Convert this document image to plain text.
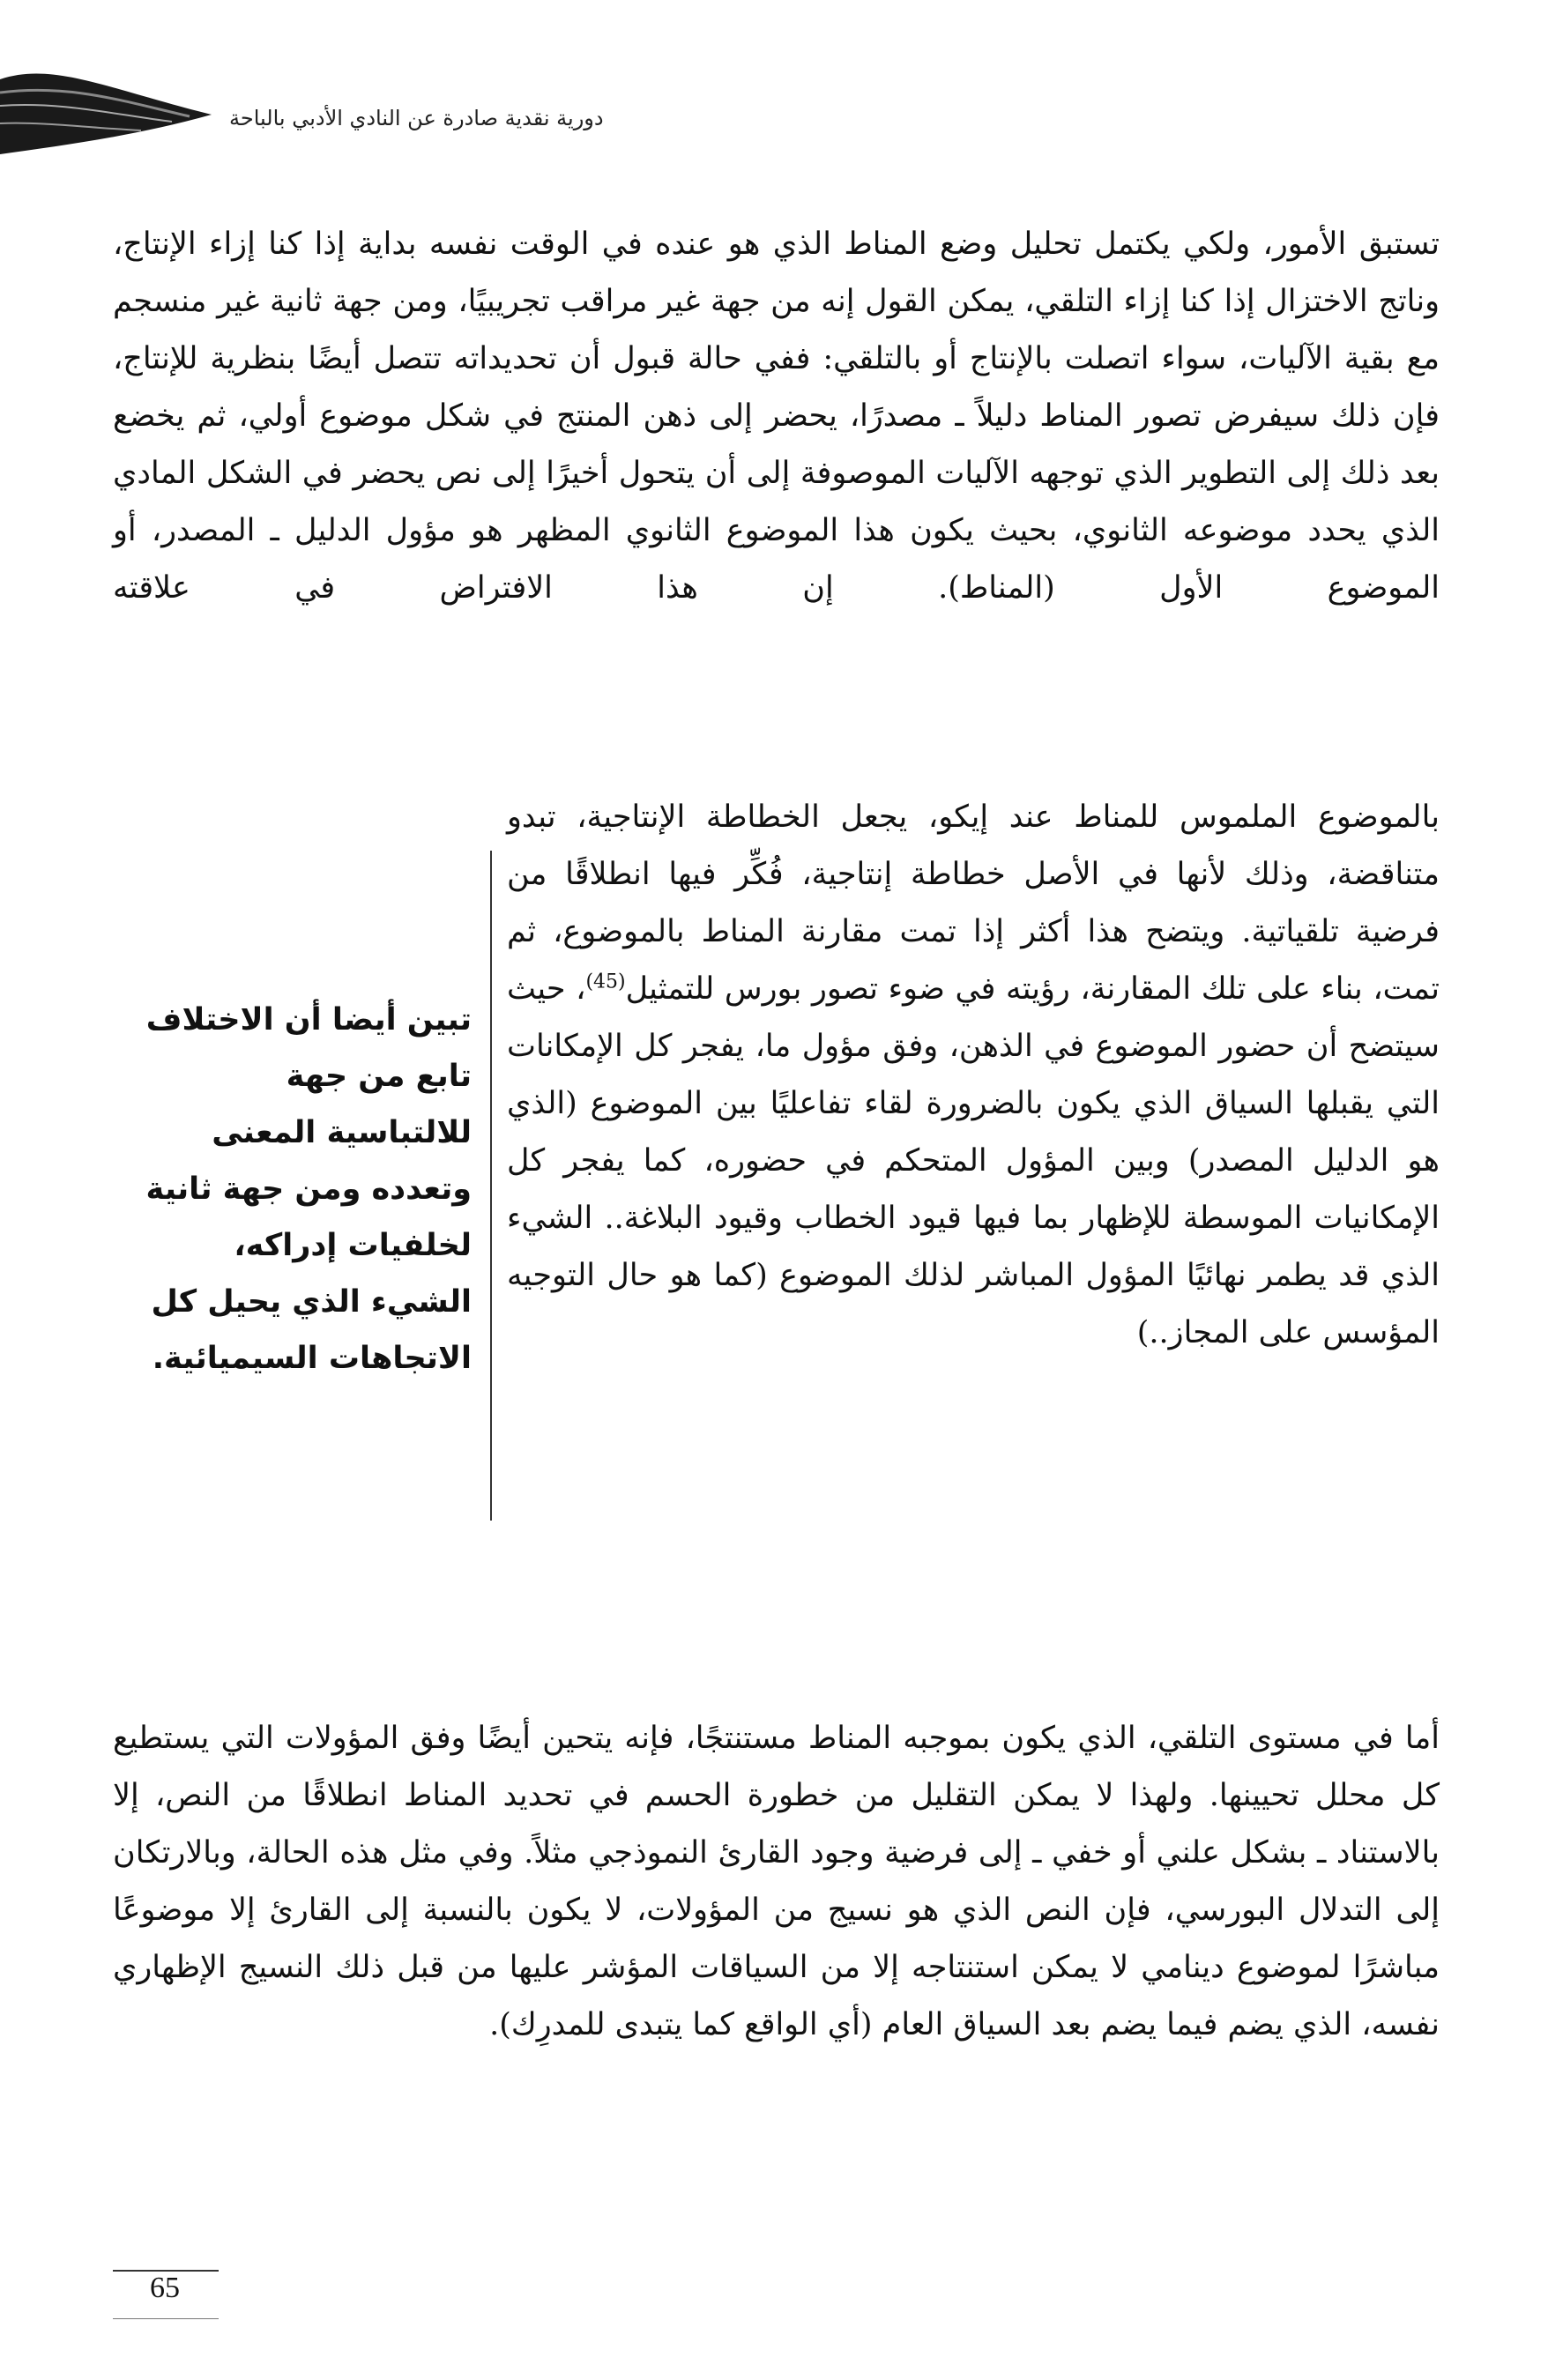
دورية نقدية صادرة عن النادي الأدبي بالباحة

تستبق الأمور، ولكي يكتمل تحليل وضع المناط الذي هو عنده في الوقت نفسه بداية إذا كنا إزاء الإنتاج، وناتج الاختزال إذا كنا إزاء التلقي، يمكن القول إنه من جهة غير مراقب تجريبيًا، ومن جهة ثانية غير منسجم مع بقية الآليات، سواء اتصلت بالإنتاج أو بالتلقي: ففي حالة قبول أن تحديداته تتصل أيضًا بنظرية للإنتاج، فإن ذلك سيفرض تصور المناط دليلاً ـ مصدرًا، يحضر إلى ذهن المنتج في شكل موضوع أولي، ثم يخضع بعد ذلك إلى التطوير الذي توجهه الآليات الموصوفة إلى أن يتحول أخيرًا إلى نص يحضر في الشكل المادي الذي يحدد موضوعه الثانوي، بحيث يكون هذا الموضوع الثانوي المظهر هو مؤول الدليل ـ المصدر، أو الموضوع الأول (المناط). إن هذا الافتراض في علاقته

بالموضوع الملموس للمناط عند إيكو، يجعل الخطاطة الإنتاجية، تبدو متناقضة، وذلك لأنها في الأصل خطاطة إنتاجية، فُكِّر فيها انطلاقًا من فرضية تلقياتية. ويتضح هذا أكثر إذا تمت مقارنة المناط بالموضوع، ثم تمت، بناء على تلك المقارنة، رؤيته في ضوء تصور بورس للتمثيل$^{(45)}$، حيث سيتضح أن حضور الموضوع في الذهن، وفق مؤول ما، يفجر كل الإمكانات التي يقبلها السياق الذي يكون بالضرورة لقاء تفاعليًا بين الموضوع (الذي هو الدليل المصدر) وبين المؤول المتحكم في حضوره، كما يفجر كل الإمكانيات الموسطة للإظهار بما فيها قيود الخطاب وقيود البلاغة.. الشيء الذي قد يطمر نهائيًا المؤول المباشر لذلك الموضوع (كما هو حال التوجيه المؤسس على المجاز..)

تبين أيضا أن الاختلاف تابع من جهة للالتباسية المعنى وتعدده ومن جهة ثانية لخلفيات إدراكه، الشيء الذي يحيل كل الاتجاهات السيميائية.

أما في مستوى التلقي، الذي يكون بموجبه المناط مستنتجًا، فإنه يتحين أيضًا وفق المؤولات التي يستطيع كل محلل تحيينها. ولهذا لا يمكن التقليل من خطورة الحسم في تحديد المناط انطلاقًا من النص، إلا بالاستناد ـ بشكل علني أو خفي ـ إلى فرضية وجود القارئ النموذجي مثلاً. وفي مثل هذه الحالة، وبالارتكان إلى التدلال البورسي، فإن النص الذي هو نسيج من المؤولات، لا يكون بالنسبة إلى القارئ إلا موضوعًا مباشرًا لموضوع دينامي لا يمكن استنتاجه إلا من السياقات المؤشر عليها من قبل ذلك النسيج الإظهاري نفسه، الذي يضم فيما يضم بعد السياق العام (أي الواقع كما يتبدى للمدرِك).

65
